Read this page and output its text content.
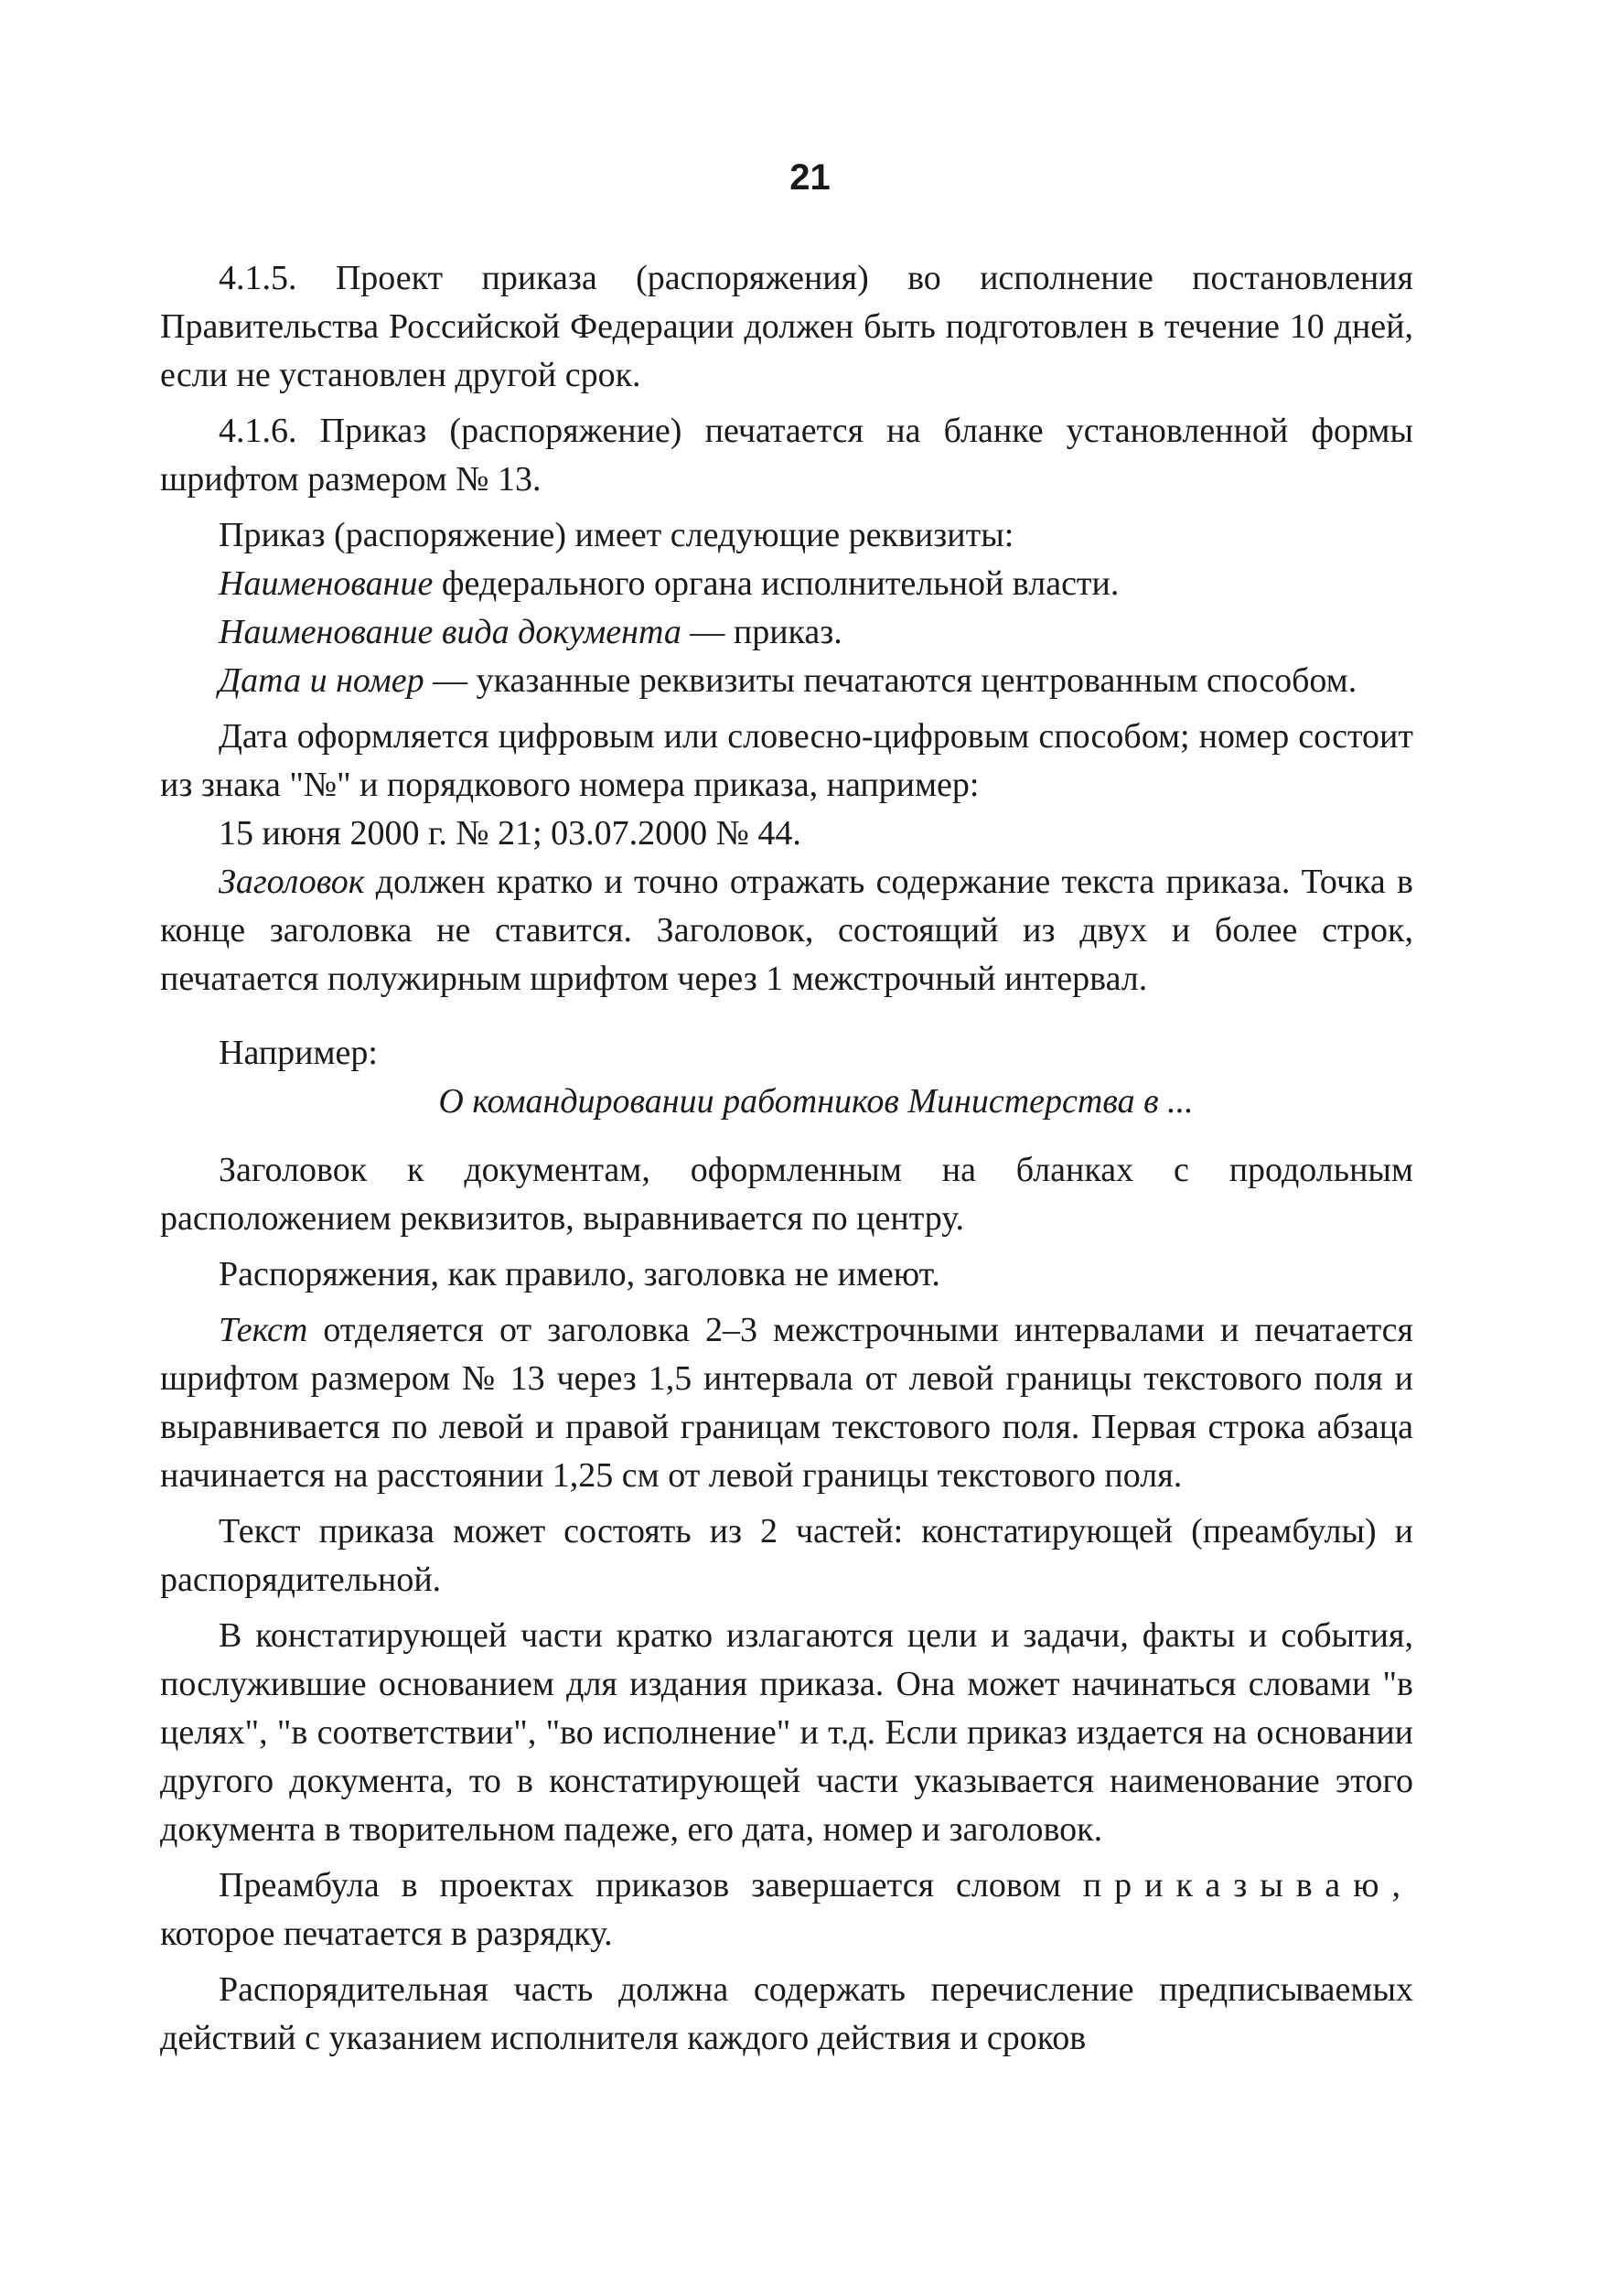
21

4.1.5. Проект приказа (распоряжения) во исполнение постановления Правительства Российской Федерации должен быть подготовлен в течение 10 дней, если не установлен другой срок.

4.1.6. Приказ (распоряжение) печатается на бланке установленной формы шрифтом размером № 13.

Приказ (распоряжение) имеет следующие реквизиты:

Наименование федерального органа исполнительной власти.

Наименование вида документа — приказ.

Дата и номер — указанные реквизиты печатаются центрованным способом.

Дата оформляется цифровым или словесно-цифровым способом; номер состоит из знака "№" и порядкового номера приказа, например:

15 июня 2000 г. № 21; 03.07.2000 № 44.

Заголовок должен кратко и точно отражать содержание текста приказа. Точка в конце заголовка не ставится. Заголовок, состоящий из двух и более строк, печатается полужирным шрифтом через 1 межстрочный интервал.

Например:

О командировании работников Министерства в ...

Заголовок к документам, оформленным на бланках с продольным расположением реквизитов, выравнивается по центру.

Распоряжения, как правило, заголовка не имеют.

Текст отделяется от заголовка 2–3 межстрочными интервалами и печатается шрифтом размером № 13 через 1,5 интервала от левой границы текстового поля и выравнивается по левой и правой границам текстового поля. Первая строка абзаца начинается на расстоянии 1,25 см от левой границы текстового поля.

Текст приказа может состоять из 2 частей: констатирующей (преамбулы) и распорядительной.

В констатирующей части кратко излагаются цели и задачи, факты и события, послужившие основанием для издания приказа. Она может начинаться словами "в целях", "в соответствии", "во исполнение" и т.д. Если приказ издается на основании другого документа, то в констатирующей части указывается наименование этого документа в творительном падеже, его дата, номер и заголовок.

Преамбула в проектах приказов завершается словом приказываю, которое печатается в разрядку.

Распорядительная часть должна содержать перечисление предписываемых действий с указанием исполнителя каждого действия и сроков
